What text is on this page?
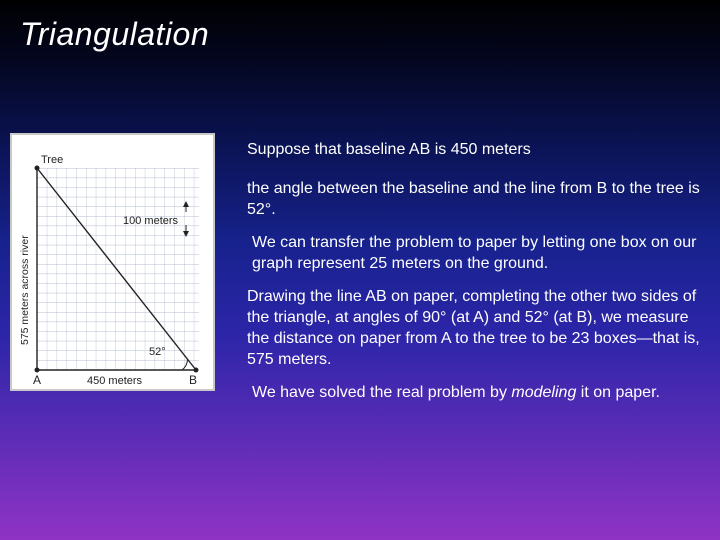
Triangulation
Tree
575 meters across river
100 meters
52°
A	450 meters	B

Suppose that baseline AB is 450 meters

the angle between the baseline and the line from B to the tree is 52°.

We can transfer the problem to paper by letting one box on our graph represent 25 meters on the ground.

Drawing the line AB on paper, completing the other two sides of the triangle, at angles of 90° (at A) and 52° (at B), we measure the distance on paper from A to the tree to be 23 boxes—that is, 575 meters.

We have solved the real problem by modeling it on paper.
